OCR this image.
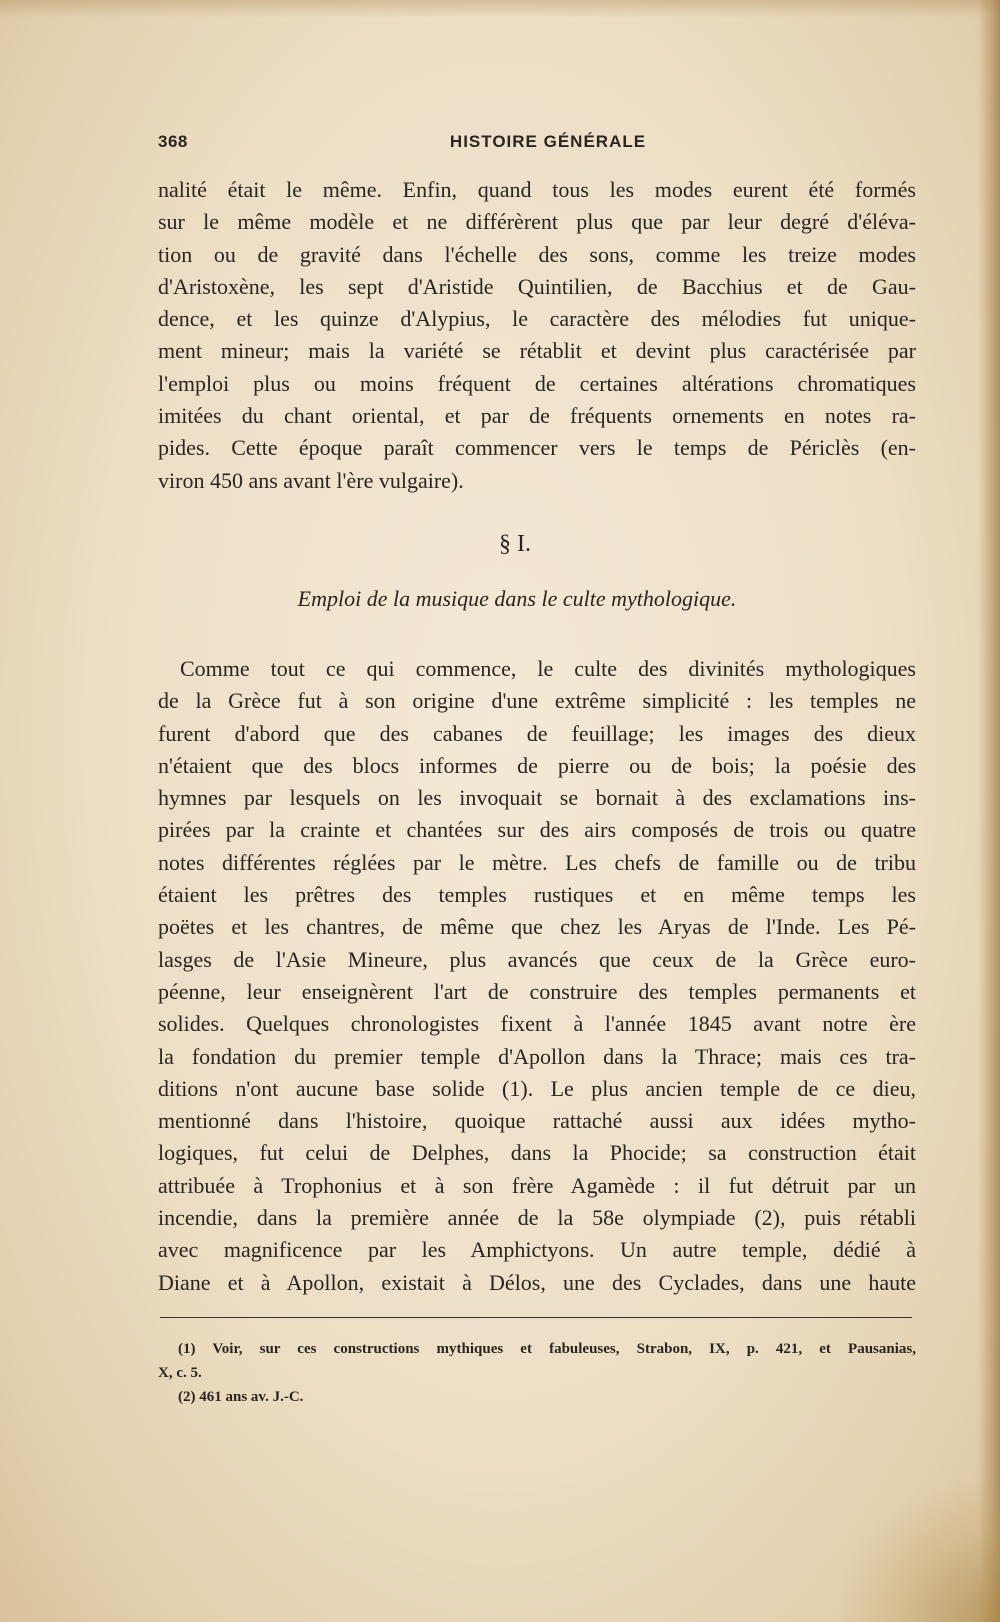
368	HISTOIRE GÉNÉRALE
nalité était le même. Enfin, quand tous les modes eurent été formés
sur le même modèle et ne différèrent plus que par leur degré d'éléva-
tion ou de gravité dans l'échelle des sons, comme les treize modes
d'Aristoxène, les sept d'Aristide Quintilien, de Bacchius et de Gau-
dence, et les quinze d'Alypius, le caractère des mélodies fut unique-
ment mineur; mais la variété se rétablit et devint plus caractérisée par
l'emploi plus ou moins fréquent de certaines altérations chromatiques
imitées du chant oriental, et par de fréquents ornements en notes ra-
pides. Cette époque paraît commencer vers le temps de Périclès (en-
viron 450 ans avant l'ère vulgaire).
§ I.
Emploi de la musique dans le culte mythologique.
Comme tout ce qui commence, le culte des divinités mythologiques
de la Grèce fut à son origine d'une extrême simplicité : les temples ne
furent d'abord que des cabanes de feuillage; les images des dieux
n'étaient que des blocs informes de pierre ou de bois; la poésie des
hymnes par lesquels on les invoquait se bornait à des exclamations ins-
pirées par la crainte et chantées sur des airs composés de trois ou quatre
notes différentes réglées par le mètre. Les chefs de famille ou de tribu
étaient les prêtres des temples rustiques et en même temps les
poëtes et les chantres, de même que chez les Aryas de l'Inde. Les Pé-
lasges de l'Asie Mineure, plus avancés que ceux de la Grèce euro-
péenne, leur enseignèrent l'art de construire des temples permanents et
solides. Quelques chronologistes fixent à l'année 1845 avant notre ère
la fondation du premier temple d'Apollon dans la Thrace; mais ces tra-
ditions n'ont aucune base solide (1). Le plus ancien temple de ce dieu,
mentionné dans l'histoire, quoique rattaché aussi aux idées mytho-
logiques, fut celui de Delphes, dans la Phocide; sa construction était
attribuée à Trophonius et à son frère Agamède : il fut détruit par un
incendie, dans la première année de la 58e olympiade (2), puis rétabli
avec magnificence par les Amphictyons. Un autre temple, dédié à
Diane et à Apollon, existait à Délos, une des Cyclades, dans une haute
(1) Voir, sur ces constructions mythiques et fabuleuses, Strabon, IX, p. 421, et Pausanias,
X, c. 5.
(2) 461 ans av. J.-C.
